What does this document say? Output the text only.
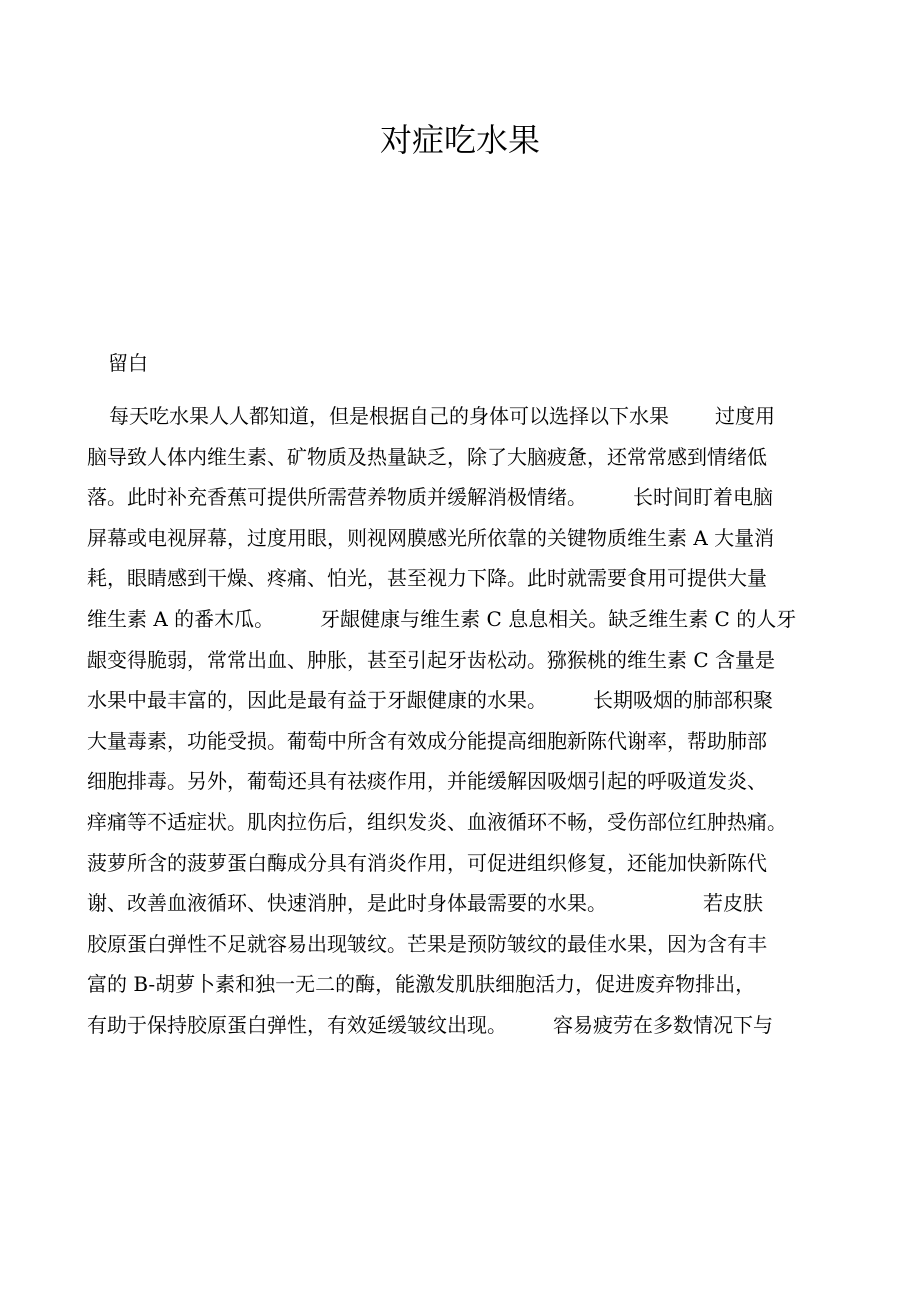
对症吃水果
留白
每天吃水果人人都知道，但是根据自己的身体可以选择以下水果 过度用
脑导致人体内维生素、矿物质及热量缺乏，除了大脑疲惫，还常常感到情绪低
落。此时补充香蕉可提供所需营养物质并缓解消极情绪。 长时间盯着电脑
屏幕或电视屏幕，过度用眼，则视网膜感光所依靠的关键物质维生素 A 大量消
耗，眼睛感到干燥、疼痛、怕光，甚至视力下降。此时就需要食用可提供大量
维生素 A 的番木瓜。 牙龈健康与维生素 C 息息相关。缺乏维生素 C 的人牙
龈变得脆弱，常常出血、肿胀，甚至引起牙齿松动。猕猴桃的维生素 C 含量是
水果中最丰富的，因此是最有益于牙龈健康的水果。 长期吸烟的肺部积聚
大量毒素，功能受损。葡萄中所含有效成分能提高细胞新陈代谢率，帮助肺部
细胞排毒。另外，葡萄还具有祛痰作用，并能缓解因吸烟引起的呼吸道发炎、
痒痛等不适症状。肌肉拉伤后，组织发炎、血液循环不畅，受伤部位红肿热痛。
菠萝所含的菠萝蛋白酶成分具有消炎作用，可促进组织修复，还能加快新陈代
谢、改善血液循环、快速消肿，是此时身体最需要的水果。	若皮肤
胶原蛋白弹性不足就容易出现皱纹。芒果是预防皱纹的最佳水果，因为含有丰
富的 B-胡萝卜素和独一无二的酶，能激发肌肤细胞活力，促进废弃物排出，
有助于保持胶原蛋白弹性，有效延缓皱纹出现。 容易疲劳在多数情况下与
